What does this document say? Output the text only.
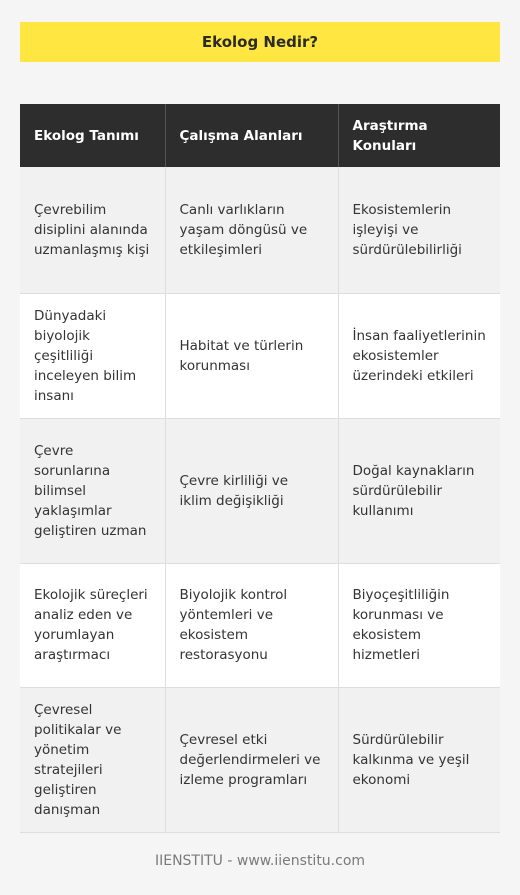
Ekolog Nedir?
Ekolog Tanımı	Çalışma Alanları	Araştırma Konuları
Çevrebilim disiplini alanında uzmanlaşmış kişi	Canlı varlıkların yaşam döngüsü ve etkileşimleri	Ekosistemlerin işleyişi ve sürdürülebilirliği
Dünyadaki biyolojik çeşitliliği inceleyen bilim insanı	Habitat ve türlerin korunması	İnsan faaliyetlerinin ekosistemler üzerindeki etkileri
Çevre sorunlarına bilimsel yaklaşımlar geliştiren uzman	Çevre kirliliği ve iklim değişikliği	Doğal kaynakların sürdürülebilir kullanımı
Ekolojik süreçleri analiz eden ve yorumlayan araştırmacı	Biyolojik kontrol yöntemleri ve ekosistem restorasyonu	Biyoçeşitliliğin korunması ve ekosistem hizmetleri
Çevresel politikalar ve yönetim stratejileri geliştiren danışman	Çevresel etki değerlendirmeleri ve izleme programları	Sürdürülebilir kalkınma ve yeşil ekonomi
IIENSTITU - www.iienstitu.com
